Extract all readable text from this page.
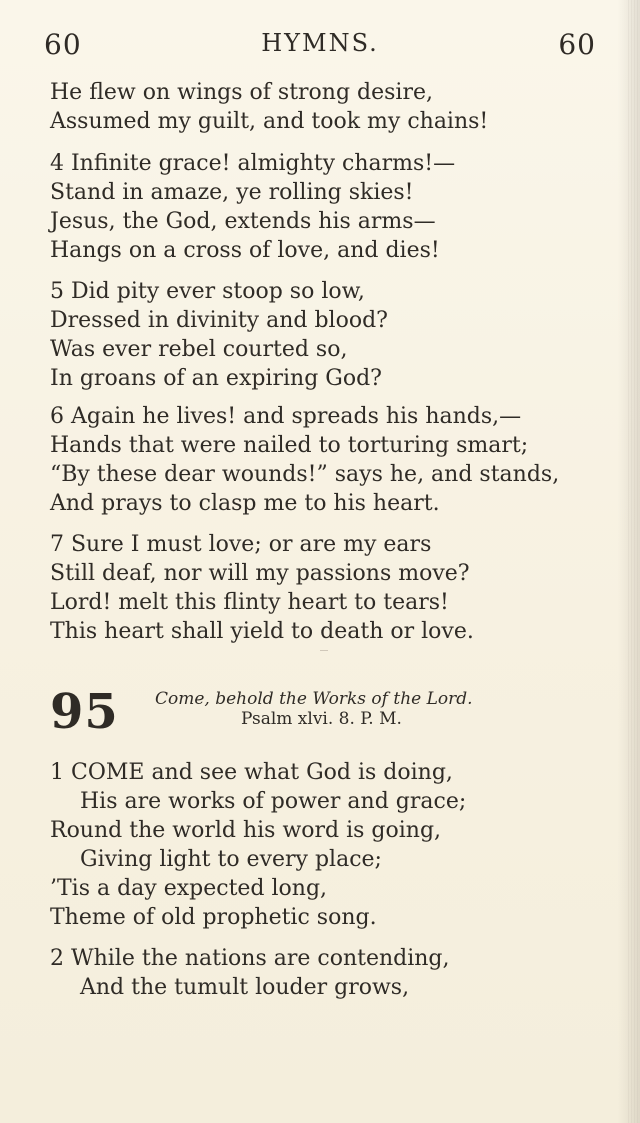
60	HYMNS.	60
He flew on wings of strong desire,
Assumed my guilt, and took my chains!
4 Infinite grace! almighty charms!—
Stand in amaze, ye rolling skies!
Jesus, the God, extends his arms—
Hangs on a cross of love, and dies!
5 Did pity ever stoop so low,
Dressed in divinity and blood?
Was ever rebel courted so,
In groans of an expiring God?
6 Again he lives! and spreads his hands,—
Hands that were nailed to torturing smart;
“By these dear wounds!” says he, and stands,
And prays to clasp me to his heart.
7 Sure I must love; or are my ears
Still deaf, nor will my passions move?
Lord! melt this flinty heart to tears!
This heart shall yield to death or love.
95 Come, behold the Works of the Lord.
Psalm xlvi. 8. P. M.
1 COME and see what God is doing,
His are works of power and grace;
Round the world his word is going,
Giving light to every place;
’Tis a day expected long,
Theme of old prophetic song.
2 While the nations are contending,
And the tumult louder grows,
